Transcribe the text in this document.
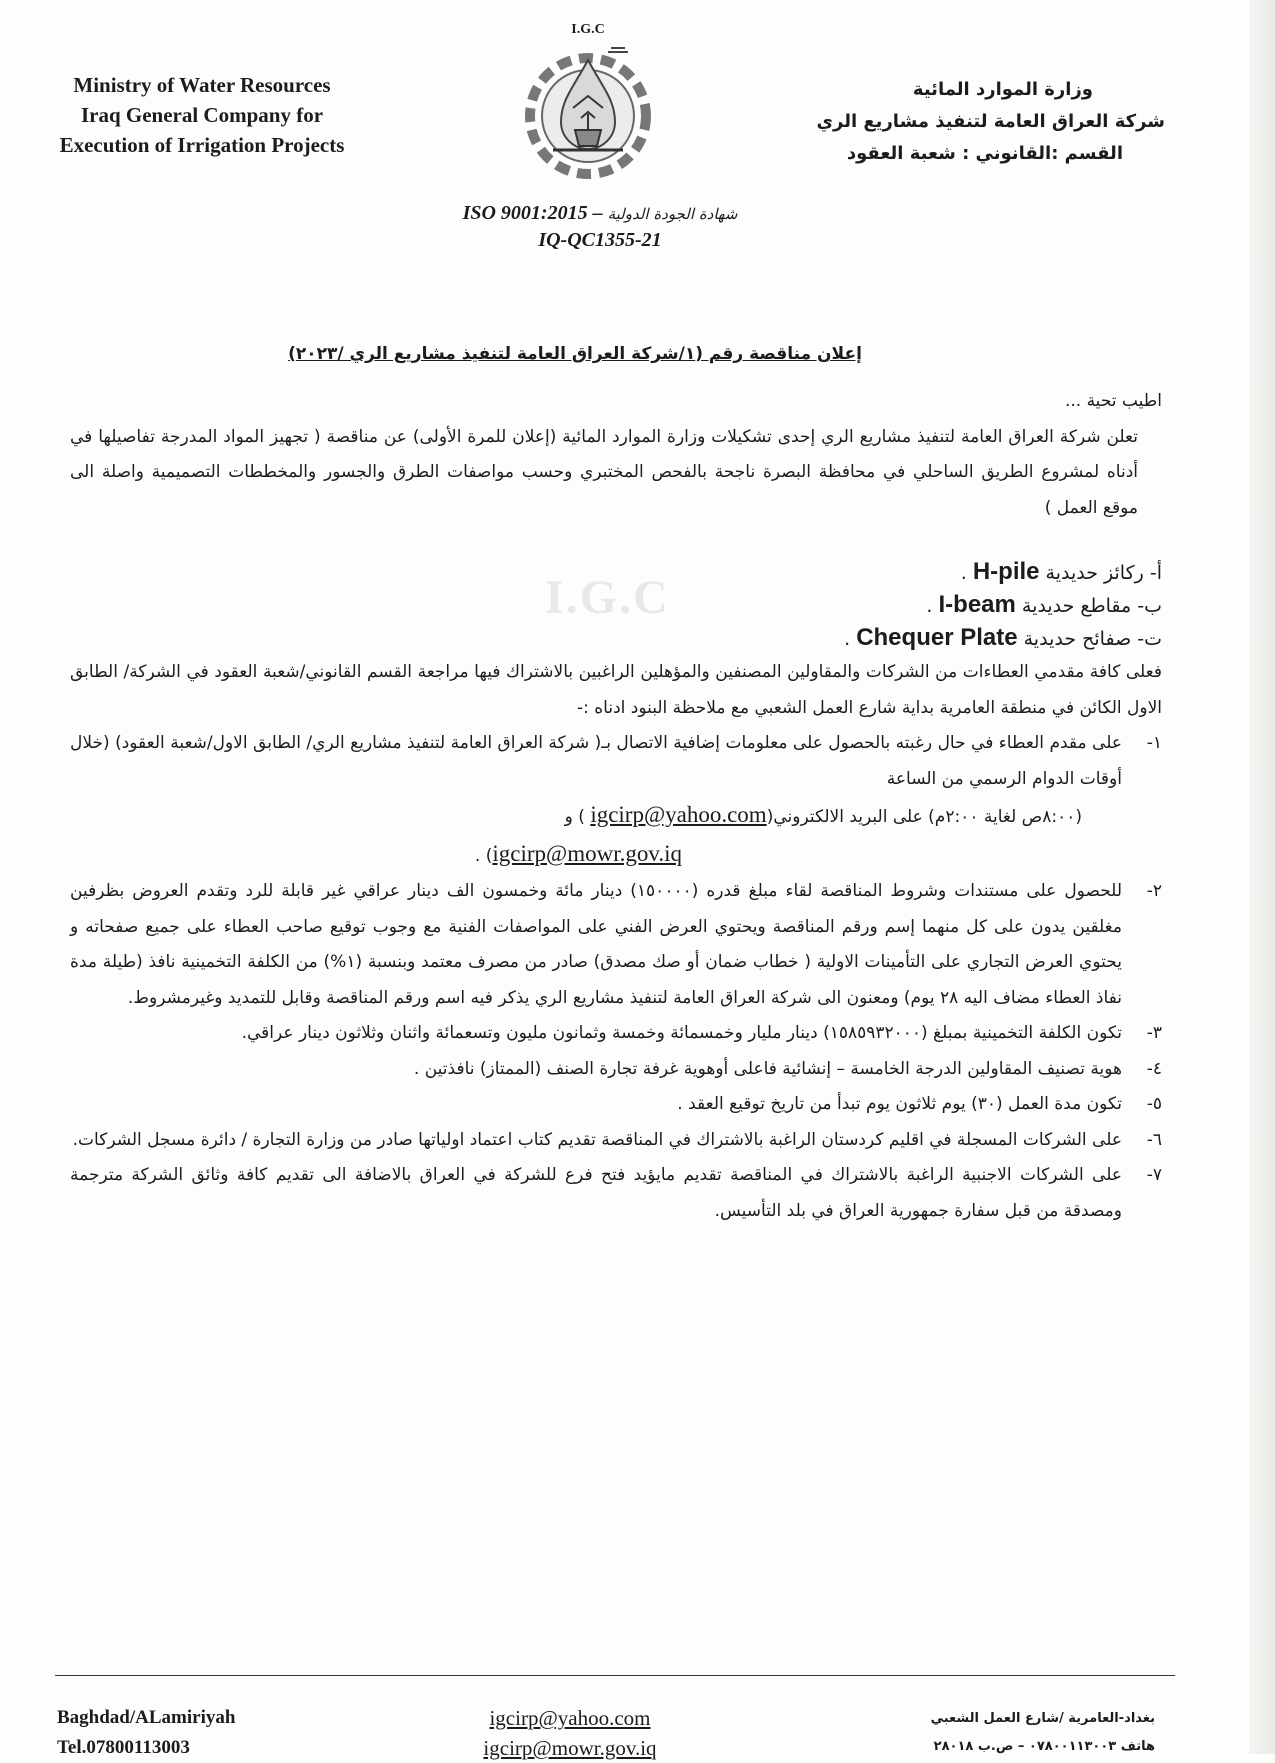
Ministry of Water Resources
Iraq General Company for
Execution of Irrigation Projects
I.G.C
وزارة الموارد المائية
شركة العراق العامة لتنفيذ مشاريع الري
القسم :القانوني : شعبة العقود
ISO 9001:2015 – شهادة الجودة الدولية
IQ-QC1355-21
I.G.C
إعلان مناقصة رقم (١/شركة العراق العامة لتنفيذ مشاريع الري /٢٠٢٣)

اطيب تحية ...

تعلن شركة العراق العامة لتنفيذ مشاريع الري إحدى تشكيلات وزارة الموارد المائية (إعلان للمرة الأولى) عن مناقصة ( تجهيز المواد المدرجة تفاصيلها في أدناه لمشروع الطريق الساحلي في محافظة البصرة ناجحة بالفحص المختبري وحسب مواصفات الطرق والجسور والمخططات التصميمية واصلة الى موقع العمل )

أ- ركائز حديدية H-pile .

ب- مقاطع حديدية I-beam .

ت- صفائح حديدية Chequer Plate .

فعلى كافة مقدمي العطاءات من الشركات والمقاولين المصنفين والمؤهلين الراغبين بالاشتراك فيها مراجعة القسم القانوني/شعبة العقود في الشركة/ الطابق الاول الكائن في منطقة العامرية بداية شارع العمل الشعبي مع ملاحظة البنود ادناه :-

١-
على مقدم العطاء في حال رغبته بالحصول على معلومات إضافية الاتصال بـ( شركة العراق العامة لتنفيذ مشاريع الري/ الطابق الاول/شعبة العقود) (خلال أوقات الدوام الرسمي من الساعة
(٨:٠٠ص لغاية ٢:٠٠م) على البريد الالكتروني(igcirp@yahoo.com ) و
igcirp@mowr.gov.iq) .
٢-
للحصول على مستندات وشروط المناقصة لقاء مبلغ قدره (١٥٠٠٠٠) دينار مائة وخمسون الف دينار عراقي غير قابلة للرد وتقدم العروض بظرفين مغلقين يدون على كل منهما إسم ورقم المناقصة ويحتوي العرض الفني على المواصفات الفنية مع وجوب توقيع صاحب العطاء على جميع صفحاته و يحتوي العرض التجاري على التأمينات الاولية ( خطاب ضمان أو صك مصدق) صادر من مصرف معتمد وبنسبة (١%) من الكلفة التخمينية نافذ (طيلة مدة نفاذ العطاء مضاف اليه ٢٨ يوم) ومعنون الى شركة العراق العامة لتنفيذ مشاريع الري يذكر فيه اسم ورقم المناقصة وقابل للتمديد وغيرمشروط.
٣-
تكون الكلفة التخمينية بمبلغ (١٥٨٥٩٣٢٠٠٠) دينار مليار وخمسمائة وخمسة وثمانون مليون وتسعمائة واثنان وثلاثون دينار عراقي.
٤-
هوية تصنيف المقاولين الدرجة الخامسة – إنشائية فاعلى أوهوية غرفة تجارة الصنف (الممتاز) نافذتين .
٥-
تكون مدة العمل (٣٠) يوم ثلاثون يوم تبدأ من تاريخ توقيع العقد .
٦-
على الشركات المسجلة في اقليم كردستان الراغبة بالاشتراك في المناقصة تقديم كتاب اعتماد اولياتها صادر من وزارة التجارة / دائرة مسجل الشركات.
٧-
على الشركات الاجنبية الراغبة بالاشتراك في المناقصة تقديم مايؤيد فتح فرع للشركة في العراق بالاضافة الى تقديم كافة وثائق الشركة مترجمة ومصدقة من قبل سفارة جمهورية العراق في بلد التأسيس.
Baghdad/ALamiriyah
Tel.07800113003
igcirp@yahoo.com
igcirp@mowr.gov.iq
بغداد-العامرية /شارع العمل الشعبي
هاتف ٠٧٨٠٠١١٣٠٠٣ – ص.ب ٢٨٠١٨
